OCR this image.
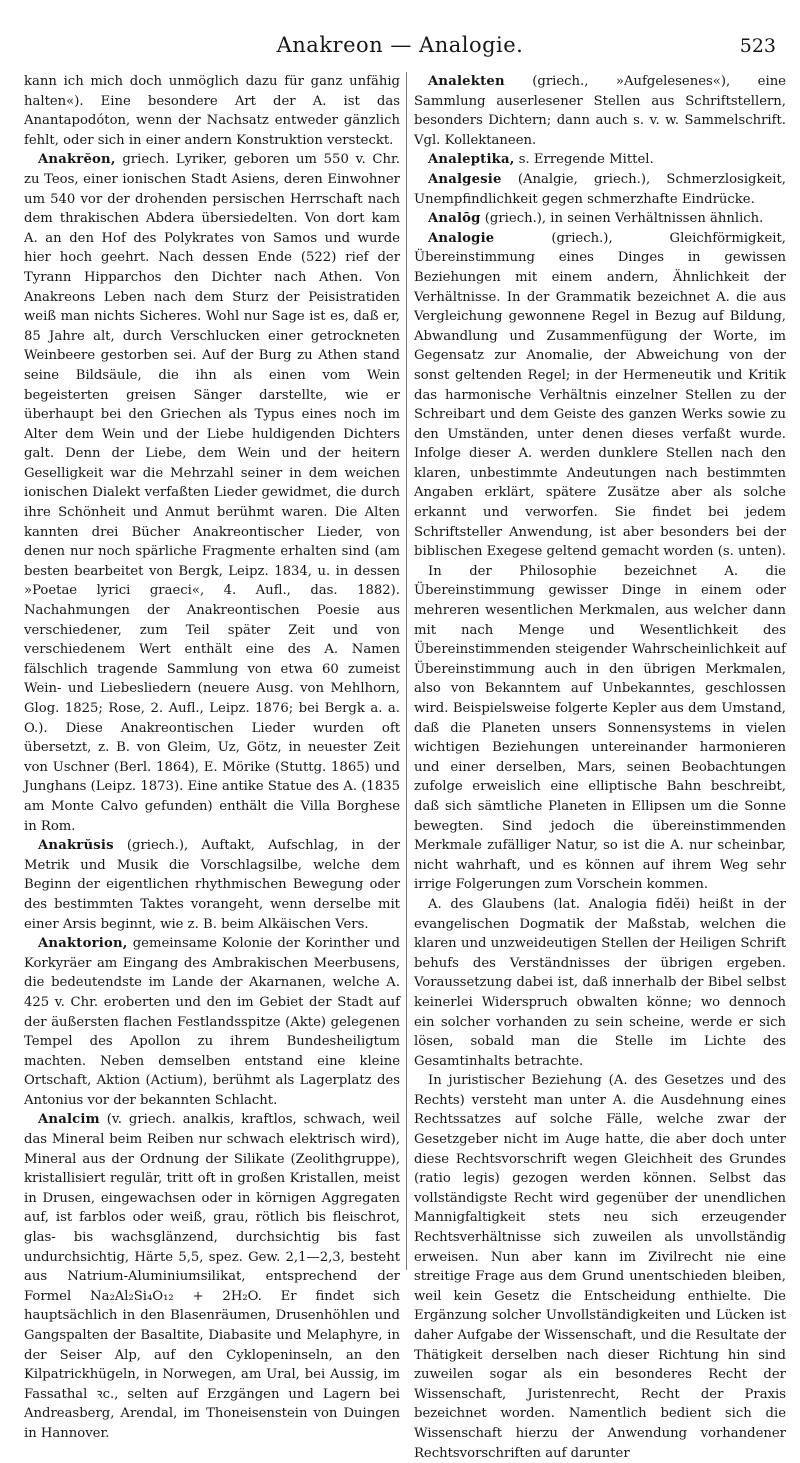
Anakreon — Analogie.	523

kann ich mich doch unmöglich dazu für ganz unfähig halten«). Eine besondere Art der A. ist das Anantapodóton, wenn der Nachsatz entweder gänzlich fehlt, oder sich in einer andern Konstruktion versteckt.

Anakrĕon, griech. Lyriker, geboren um 550 v. Chr. zu Teos, einer ionischen Stadt Asiens, deren Einwohner um 540 vor der drohenden persischen Herrschaft nach dem thrakischen Abdera übersiedelten. Von dort kam A. an den Hof des Polykrates von Samos und wurde hier hoch geehrt. Nach dessen Ende (522) rief der Tyrann Hipparchos den Dichter nach Athen. Von Anakreons Leben nach dem Sturz der Peisistratiden weiß man nichts Sicheres. Wohl nur Sage ist es, daß er, 85 Jahre alt, durch Verschlucken einer getrockneten Weinbeere gestorben sei. Auf der Burg zu Athen stand seine Bildsäule, die ihn als einen vom Wein begeisterten greisen Sänger darstellte, wie er überhaupt bei den Griechen als Typus eines noch im Alter dem Wein und der Liebe huldigenden Dichters galt. Denn der Liebe, dem Wein und der heitern Geselligkeit war die Mehrzahl seiner in dem weichen ionischen Dialekt verfaßten Lieder gewidmet, die durch ihre Schönheit und Anmut berühmt waren. Die Alten kannten drei Bücher Anakreontischer Lieder, von denen nur noch spärliche Fragmente erhalten sind (am besten bearbeitet von Bergk, Leipz. 1834, u. in dessen »Poetae lyrici graeci«, 4. Aufl., das. 1882). Nachahmungen der Anakreontischen Poesie aus verschiedener, zum Teil später Zeit und von verschiedenem Wert enthält eine des A. Namen fälschlich tragende Sammlung von etwa 60 zumeist Wein- und Liebesliedern (neuere Ausg. von Mehlhorn, Glog. 1825; Rose, 2. Aufl., Leipz. 1876; bei Bergk a. a. O.). Diese Anakreontischen Lieder wurden oft übersetzt, z. B. von Gleim, Uz, Götz, in neuester Zeit von Uschner (Berl. 1864), E. Mörike (Stuttg. 1865) und Junghans (Leipz. 1873). Eine antike Statue des A. (1835 am Monte Calvo gefunden) enthält die Villa Borghese in Rom.

Anakrŭsis (griech.), Auftakt, Aufschlag, in der Metrik und Musik die Vorschlagsilbe, welche dem Beginn der eigentlichen rhythmischen Bewegung oder des bestimmten Taktes vorangeht, wenn derselbe mit einer Arsis beginnt, wie z. B. beim Alkäischen Vers.

Anaktorion, gemeinsame Kolonie der Korinther und Korkyräer am Eingang des Ambrakischen Meerbusens, die bedeutendste im Lande der Akarnanen, welche A. 425 v. Chr. eroberten und den im Gebiet der Stadt auf der äußersten flachen Festlandsspitze (Akte) gelegenen Tempel des Apollon zu ihrem Bundesheiligtum machten. Neben demselben entstand eine kleine Ortschaft, Aktion (Actium), berühmt als Lagerplatz des Antonius vor der bekannten Schlacht.

Analcim (v. griech. analkis, kraftlos, schwach, weil das Mineral beim Reiben nur schwach elektrisch wird), Mineral aus der Ordnung der Silikate (Zeolithgruppe), kristallisiert regulär, tritt oft in großen Kristallen, meist in Drusen, eingewachsen oder in körnigen Aggregaten auf, ist farblos oder weiß, grau, rötlich bis fleischrot, glas- bis wachsglänzend, durchsichtig bis fast undurchsichtig, Härte 5,5, spez. Gew. 2,1—2,3, besteht aus Natrium-Aluminiumsilikat, entsprechend der Formel Na₂Al₂Si₄O₁₂ + 2H₂O. Er findet sich hauptsächlich in den Blasenräumen, Drusenhöhlen und Gangspalten der Basaltite, Diabasite und Melaphyre, in der Seiser Alp, auf den Cyklopeninseln, an den Kilpatrickhügeln, in Norwegen, am Ural, bei Aussig, im Fassathal ꝛc., selten auf Erzgängen und Lagern bei Andreasberg, Arendal, im Thoneisenstein von Duingen in Hannover.

Analekten (griech., »Aufgelesenes«), eine Sammlung auserlesener Stellen aus Schriftstellern, besonders Dichtern; dann auch s. v. w. Sammelschrift. Vgl. Kollektaneen.

Analeptika, s. Erregende Mittel.

Analgesie (Analgie, griech.), Schmerzlosigkeit, Unempfindlichkeit gegen schmerzhafte Eindrücke.

Analōg (griech.), in seinen Verhältnissen ähnlich.

Analogie (griech.), Gleichförmigkeit, Übereinstimmung eines Dinges in gewissen Beziehungen mit einem andern, Ähnlichkeit der Verhältnisse. In der Grammatik bezeichnet A. die aus Vergleichung gewonnene Regel in Bezug auf Bildung, Abwandlung und Zusammenfügung der Worte, im Gegensatz zur Anomalie, der Abweichung von der sonst geltenden Regel; in der Hermeneutik und Kritik das harmonische Verhältnis einzelner Stellen zu der Schreibart und dem Geiste des ganzen Werks sowie zu den Umständen, unter denen dieses verfaßt wurde. Infolge dieser A. werden dunklere Stellen nach den klaren, unbestimmte Andeutungen nach bestimmten Angaben erklärt, spätere Zusätze aber als solche erkannt und verworfen. Sie findet bei jedem Schriftsteller Anwendung, ist aber besonders bei der biblischen Exegese geltend gemacht worden (s. unten).

In der Philosophie bezeichnet A. die Übereinstimmung gewisser Dinge in einem oder mehreren wesentlichen Merkmalen, aus welcher dann mit nach Menge und Wesentlichkeit des Übereinstimmenden steigender Wahrscheinlichkeit auf Übereinstimmung auch in den übrigen Merkmalen, also von Bekanntem auf Unbekanntes, geschlossen wird. Beispielsweise folgerte Kepler aus dem Umstand, daß die Planeten unsers Sonnensystems in vielen wichtigen Beziehungen untereinander harmonieren und einer derselben, Mars, seinen Beobachtungen zufolge erweislich eine elliptische Bahn beschreibt, daß sich sämtliche Planeten in Ellipsen um die Sonne bewegten. Sind jedoch die übereinstimmenden Merkmale zufälliger Natur, so ist die A. nur scheinbar, nicht wahrhaft, und es können auf ihrem Weg sehr irrige Folgerungen zum Vorschein kommen.

A. des Glaubens (lat. Analogia fidĕi) heißt in der evangelischen Dogmatik der Maßstab, welchen die klaren und unzweideutigen Stellen der Heiligen Schrift behufs des Verständnisses der übrigen ergeben. Voraussetzung dabei ist, daß innerhalb der Bibel selbst keinerlei Widerspruch obwalten könne; wo dennoch ein solcher vorhanden zu sein scheine, werde er sich lösen, sobald man die Stelle im Lichte des Gesamtinhalts betrachte.

In juristischer Beziehung (A. des Gesetzes und des Rechts) versteht man unter A. die Ausdehnung eines Rechtssatzes auf solche Fälle, welche zwar der Gesetzgeber nicht im Auge hatte, die aber doch unter diese Rechtsvorschrift wegen Gleichheit des Grundes (ratio legis) gezogen werden können. Selbst das vollständigste Recht wird gegenüber der unendlichen Mannigfaltigkeit stets neu sich erzeugender Rechtsverhältnisse sich zuweilen als unvollständig erweisen. Nun aber kann im Zivilrecht nie eine streitige Frage aus dem Grund unentschieden bleiben, weil kein Gesetz die Entscheidung enthielte. Die Ergänzung solcher Unvollständigkeiten und Lücken ist daher Aufgabe der Wissenschaft, und die Resultate der Thätigkeit derselben nach dieser Richtung hin sind zuweilen sogar als ein besonderes Recht der Wissenschaft, Juristenrecht, Recht der Praxis bezeichnet worden. Namentlich bedient sich die Wissenschaft hierzu der Anwendung vorhandener Rechtsvorschriften auf darunter
